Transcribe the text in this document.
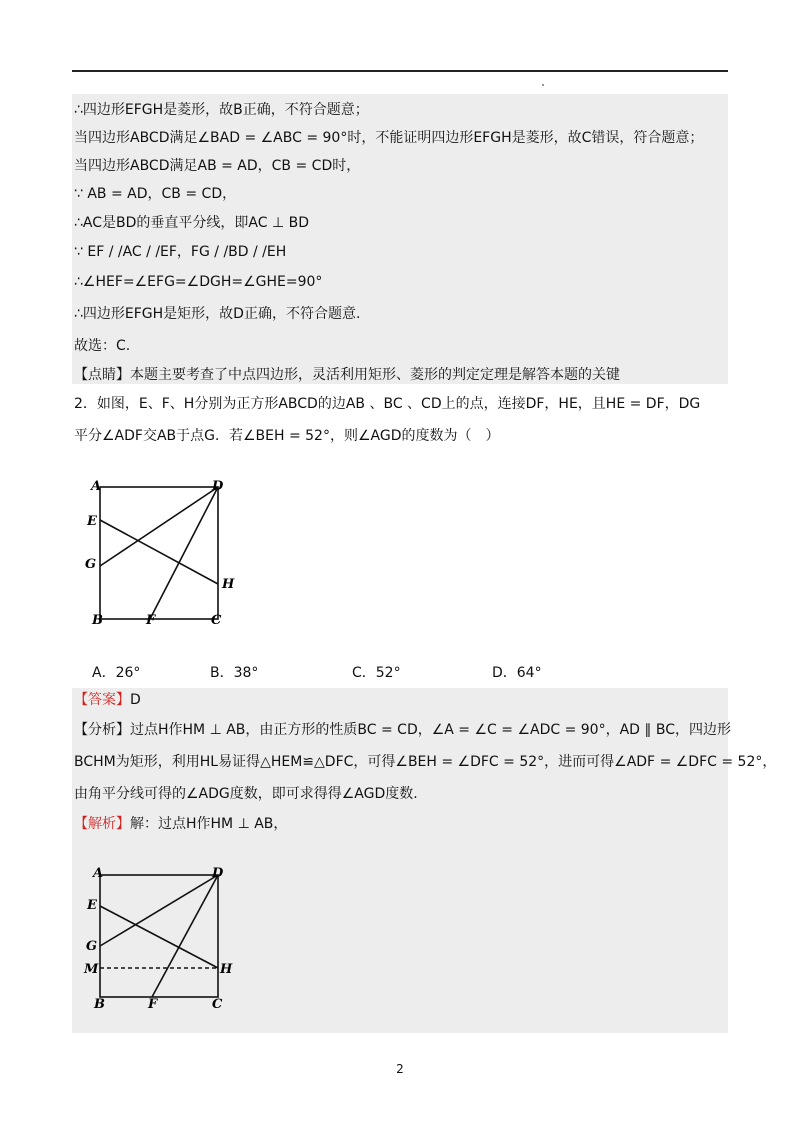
∴四边形EFGH是菱形，故B正确，不符合题意；
当四边形ABCD满足∠BAD = ∠ABC = 90°时，不能证明四边形EFGH是菱形，故C错误，符合题意；
当四边形ABCD满足AB = AD，CB = CD时，
∵ AB = AD，CB = CD，
∴AC是BD的垂直平分线，即AC ⊥ BD
∵ EF / /AC / /EF，FG / /BD / /EH
∴∠HEF=∠EFG=∠DGH=∠GHE=90°
∴四边形EFGH是矩形，故D正确，不符合题意.
故选：C.
【点睛】本题主要考查了中点四边形，灵活利用矩形、菱形的判定定理是解答本题的关键
2．如图，E、F、H分别为正方形ABCD的边AB 、BC 、CD上的点，连接DF，HE，且HE = DF，DG
平分∠ADF交AB于点G．若∠BEH = 52°，则∠AGD的度数为（　）
A	D
E
G
H
B	F	C
A．26°	B．38°	C．52°	D．64°
【答案】D
【分析】过点H作HM ⊥ AB，由正方形的性质BC = CD，∠A = ∠C = ∠ADC = 90°，AD ∥ BC，四边形
BCHM为矩形，利用HL易证得△HEM≌△DFC，可得∠BEH = ∠DFC = 52°，进而可得∠ADF = ∠DFC = 52°，
由角平分线可得的∠ADG度数，即可求得得∠AGD度数.
【解析】解：过点H作HM ⊥ AB，
A	D
E
G
M	H
B	F	C
2
